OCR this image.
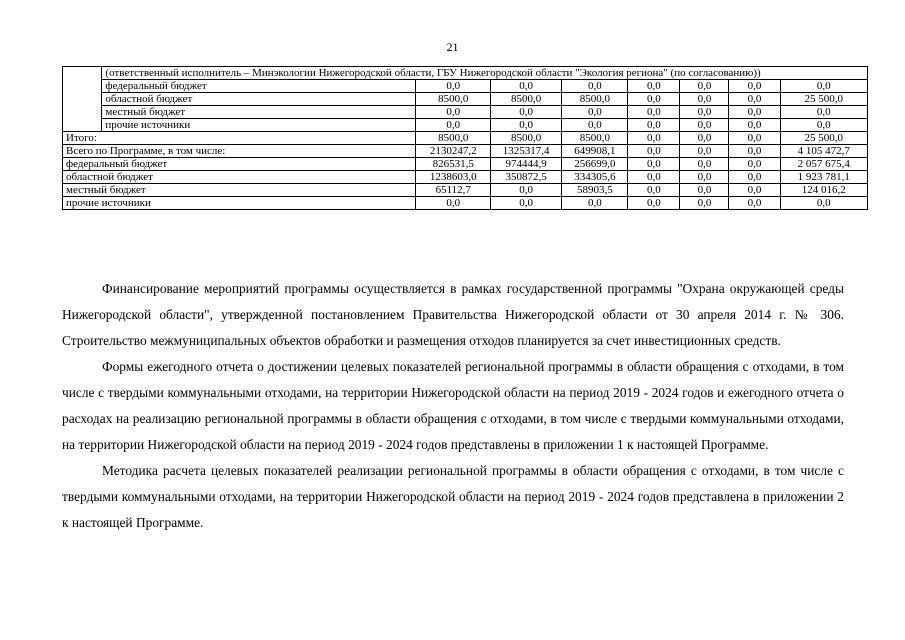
21
	(ответственный исполнитель – Минэкологии Нижегородской области, ГБУ Нижегородской области "Экология региона" (по согласованию))							
	федеральный бюджет	0,0	0,0	0,0	0,0	0,0	0,0	0,0
	областной бюджет	8500,0	8500,0	8500,0	0,0	0,0	0,0	25 500,0
	местный бюджет	0,0	0,0	0,0	0,0	0,0	0,0	0,0
	прочие источники	0,0	0,0	0,0	0,0	0,0	0,0	0,0
Итого:		8500,0	8500,0	8500,0	0,0	0,0	0,0	25 500,0
Всего по Программе, в том числе:		2130247,2	1325317,4	649908,1	0,0	0,0	0,0	4 105 472,7
федеральный бюджет		826531,5	974444,9	256699,0	0,0	0,0	0,0	2 057 675,4
областной бюджет		1238603,0	350872,5	334305,6	0,0	0,0	0,0	1 923 781,1
местный бюджет		65112,7	0,0	58903,5	0,0	0,0	0,0	124 016,2
прочие источники		0,0	0,0	0,0	0,0	0,0	0,0	0,0

Финансирование мероприятий программы осуществляется в рамках государственной программы "Охрана окружающей среды Нижегородской области", утвержденной постановлением Правительства Нижегородской области от 30 апреля 2014 г. № 306. Строительство межмуниципальных объектов обработки и размещения отходов планируется за счет инвестиционных средств.

Формы ежегодного отчета о достижении целевых показателей региональной программы в области обращения с отходами, в том числе с твердыми коммунальными отходами, на территории Нижегородской области на период 2019 - 2024 годов и ежегодного отчета о расходах на реализацию региональной программы в области обращения с отходами, в том числе с твердыми коммунальными отходами, на территории Нижегородской области на период 2019 - 2024 годов представлены в приложении 1 к настоящей Программе.

Методика расчета целевых показателей реализации региональной программы в области обращения с отходами, в том числе с твердыми коммунальными отходами, на территории Нижегородской области на период 2019 - 2024 годов представлена в приложении 2 к настоящей Программе.
